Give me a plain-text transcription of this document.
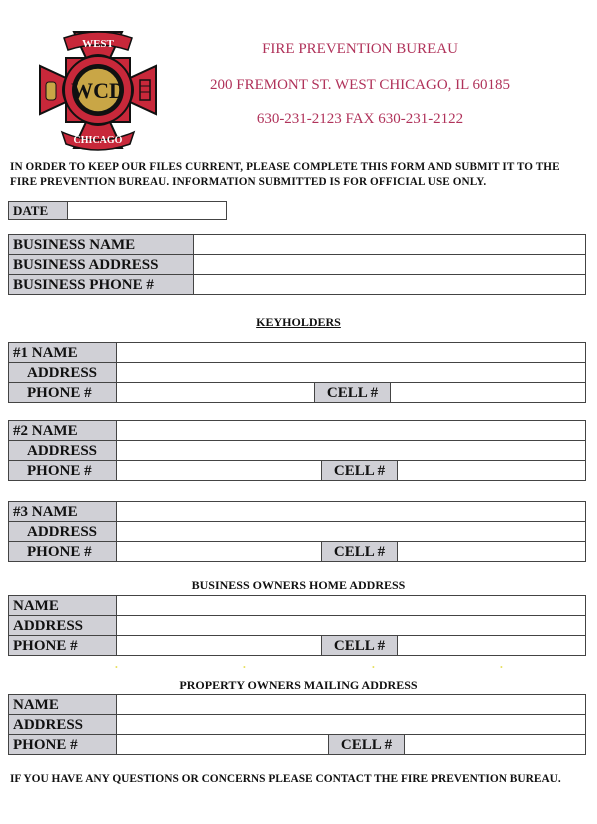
WCD
WEST
CHICAGO
FIRE PREVENTION BUREAU
200 FREMONT ST. WEST CHICAGO, IL 60185
630-231-2123 FAX 630-231-2122
IN ORDER TO KEEP OUR FILES CURRENT, PLEASE COMPLETE THIS FORM AND SUBMIT IT TO THE FIRE PREVENTION BUREAU. INFORMATION SUBMITTED IS FOR OFFICIAL USE ONLY.
DATE
BUSINESS NAME	
BUSINESS ADDRESS	
BUSINESS PHONE #	
KEYHOLDERS
#1 NAME			
ADDRESS			
PHONE #		CELL #	
#2 NAME			
ADDRESS			
PHONE #		CELL #	
#3 NAME			
ADDRESS			
PHONE #		CELL #	
BUSINESS OWNERS HOME ADDRESS
NAME			
ADDRESS			
PHONE #		CELL #	
•	•	•	•
PROPERTY OWNERS MAILING ADDRESS
NAME			
ADDRESS			
PHONE #		CELL #	
IF YOU HAVE ANY QUESTIONS OR CONCERNS PLEASE CONTACT THE FIRE PREVENTION BUREAU.
